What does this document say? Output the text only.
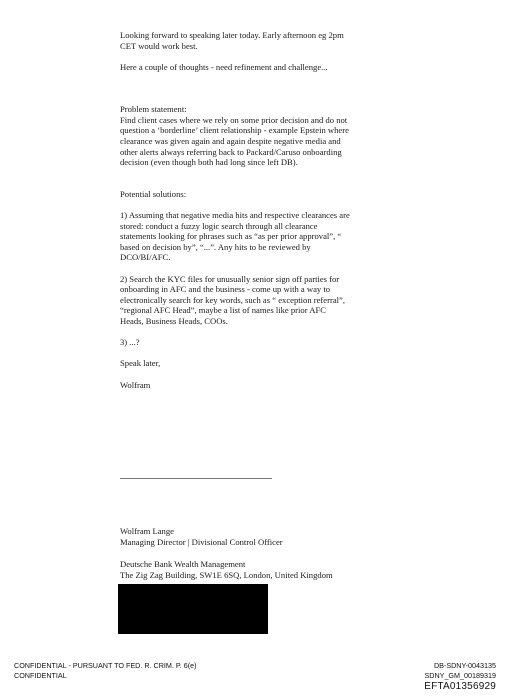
Looking forward to speaking later today. Early afternoon eg 2pm

CET would work best.

Here a couple of thoughts - need refinement and challenge...

Problem statement:

Find client cases where we rely on some prior decision and do not

question a ‘borderline’ client relationship - example Epstein where

clearance was given again and again despite negative media and

other alerts always referring back to Packard/Caruso onboarding

decision (even though both had long since left DB).

Potential solutions:

1) Assuming that negative media hits and respective clearances are

stored: conduct a fuzzy logic search through all clearance

statements looking for phrases such as “as per prior approval”, “

based on decision by”, “...”. Any hits to be reviewed by

DCO/BI/AFC.

2) Search the KYC files for unusually senior sign off parties for

onboarding in AFC and the business - come up with a way to

electronically search for key words, such as “ exception referral”,

“regional AFC Head”, maybe a list of names like prior AFC

Heads, Business Heads, COOs.

3) ...?

Speak later,

Wolfram

Wolfram Lange

Managing Director | Divisional Control Officer

Deutsche Bank Wealth Management

The Zig Zag Building, SW1E 6SQ, London, United Kingdom

CONFIDENTIAL - PURSUANT TO FED. R. CRIM. P. 6(e)
CONFIDENTIAL
DB-SDNY-0043135
SDNY_GM_00189319
EFTA01356929
